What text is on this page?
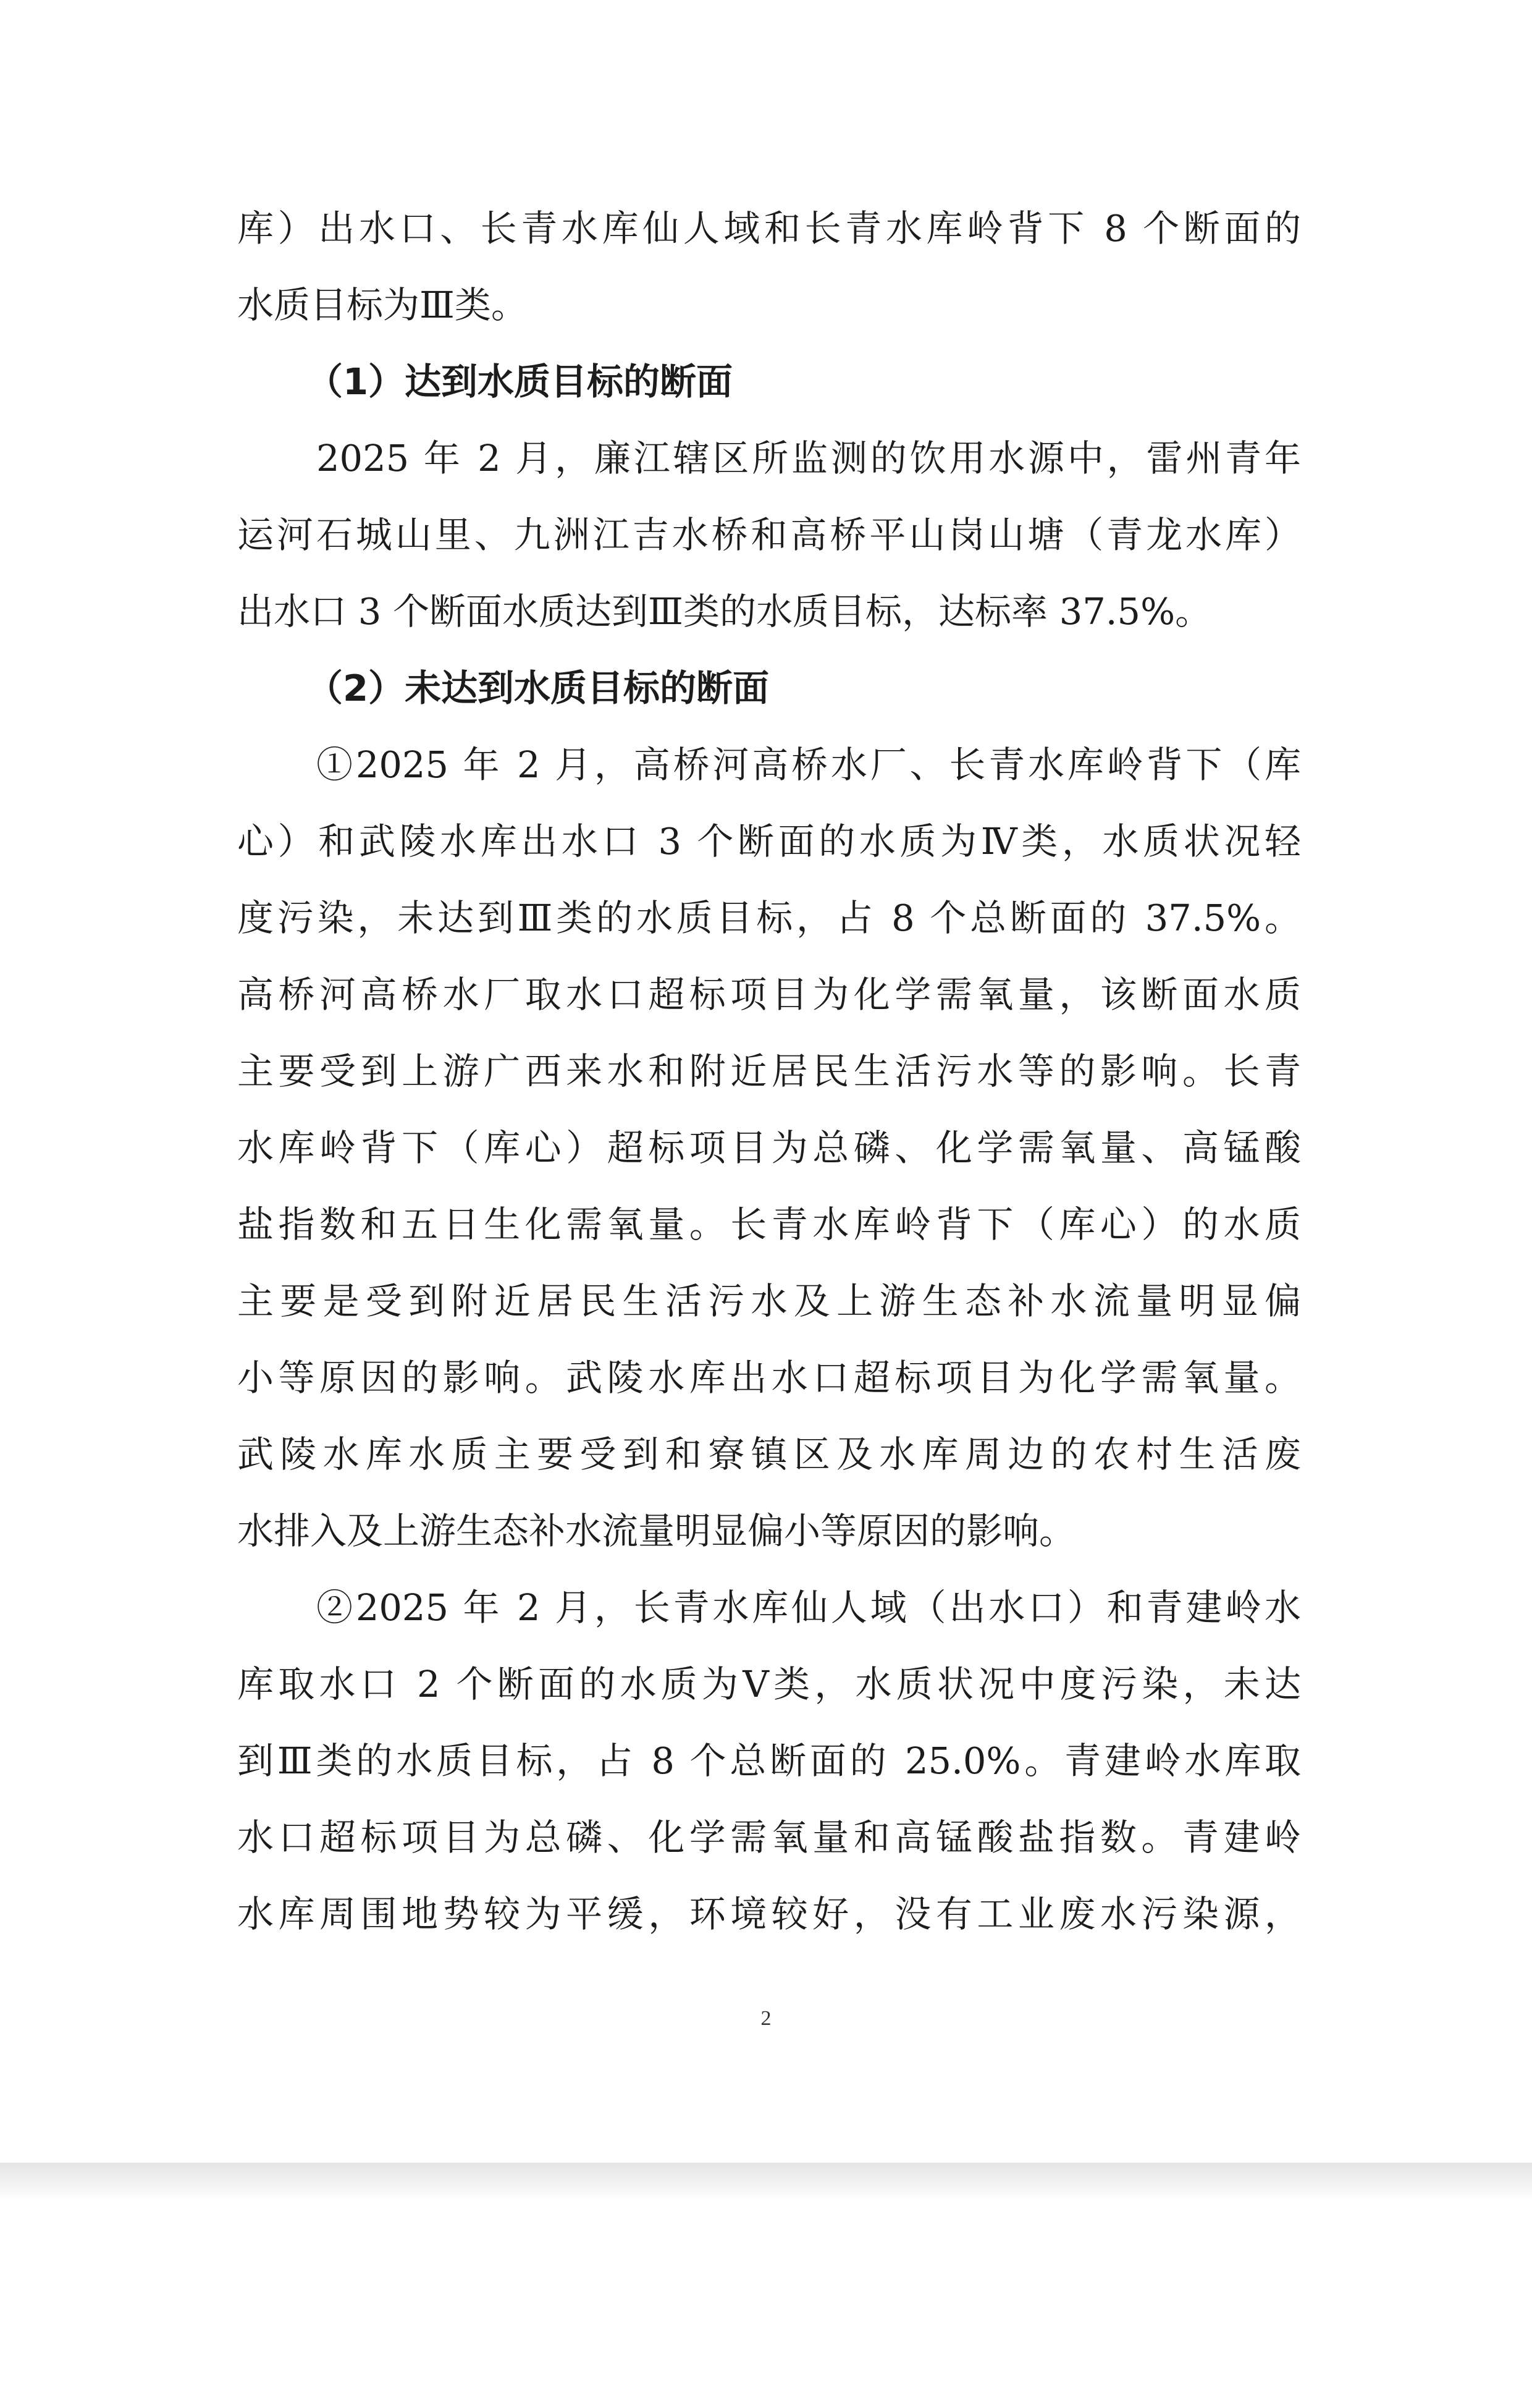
库）出水口、长青水库仙人域和长青水库岭背下 8 个断面的
水质目标为Ⅲ类。
（1）达到水质目标的断面
2025 年 2 月，廉江辖区所监测的饮用水源中，雷州青年
运河石城山里、九洲江吉水桥和高桥平山岗山塘（青龙水库）
出水口 3 个断面水质达到Ⅲ类的水质目标，达标率 37.5%。
（2）未达到水质目标的断面
①2025 年 2 月，高桥河高桥水厂、长青水库岭背下（库
心）和武陵水库出水口 3 个断面的水质为Ⅳ类，水质状况轻
度污染，未达到Ⅲ类的水质目标，占 8 个总断面的 37.5%。
高桥河高桥水厂取水口超标项目为化学需氧量，该断面水质
主要受到上游广西来水和附近居民生活污水等的影响。长青
水库岭背下（库心）超标项目为总磷、化学需氧量、高锰酸
盐指数和五日生化需氧量。长青水库岭背下（库心）的水质
主要是受到附近居民生活污水及上游生态补水流量明显偏
小等原因的影响。武陵水库出水口超标项目为化学需氧量。
武陵水库水质主要受到和寮镇区及水库周边的农村生活废
水排入及上游生态补水流量明显偏小等原因的影响。
②2025 年 2 月，长青水库仙人域（出水口）和青建岭水
库取水口 2 个断面的水质为Ⅴ类，水质状况中度污染，未达
到Ⅲ类的水质目标，占 8 个总断面的 25.0%。青建岭水库取
水口超标项目为总磷、化学需氧量和高锰酸盐指数。青建岭
水库周围地势较为平缓，环境较好，没有工业废水污染源，
2
